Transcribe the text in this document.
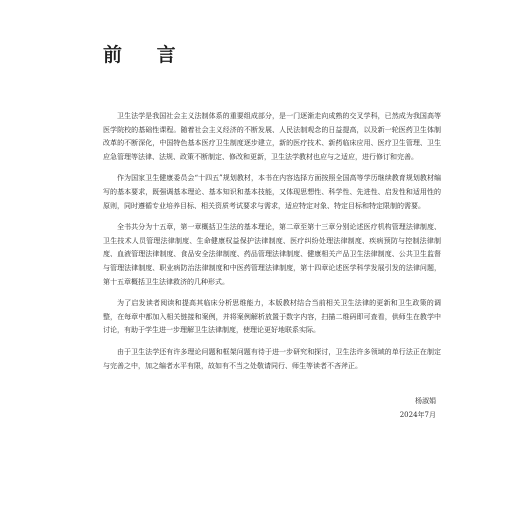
前 言

卫生法学是我国社会主义法制体系的重要组成部分，是一门逐渐走向成熟的交叉学科，已然成为我国高等医学院校的基础性课程。随着社会主义经济的不断发展、人民法制观念的日益提高，以及新一轮医药卫生体制改革的不断深化，中国特色基本医疗卫生制度逐步建立，新的医疗技术、新药临床应用、医疗卫生管理、卫生应急管理等法律、法规、政策不断制定、修改和更新，卫生法学教材也应与之适应，进行修订和完善。

作为国家卫生健康委员会“十四五”规划教材，本书在内容选择方面按照全国高等学历继续教育规划教材编写的基本要求，既强调基本理论、基本知识和基本技能，又体现思想性、科学性、先进性、启发性和适用性的原则，同时遵循专业培养目标、相关资质考试要求与需求，适应特定对象、特定目标和特定限制的需要。

全书共分为十五章，第一章概括卫生法的基本理论，第二章至第十三章分别论述医疗机构管理法律制度、卫生技术人员管理法律制度、生命健康权益保护法律制度、医疗纠纷处理法律制度、疾病预防与控制法律制度、血液管理法律制度、食品安全法律制度、药品管理法律制度、健康相关产品卫生法律制度、公共卫生监督与管理法律制度、职业病防治法律制度和中医药管理法律制度，第十四章论述医学科学发展引发的法律问题，第十五章概括卫生法律救济的几种形式。

为了启发读者阅读和提高其临床分析思维能力，本版教材结合当前相关卫生法律的更新和卫生政策的调整，在每章中都加入相关链接和案例，并将案例解析放置于数字内容，扫描二维码即可查看，供师生在教学中讨论，有助于学生进一步理解卫生法律制度，使理论更好地联系实际。

由于卫生法学还有许多理论问题和框架问题有待于进一步研究和探讨，卫生法许多领域的单行法正在制定与完善之中，加之编者水平有限，故如有不当之处敬请同行、师生等读者不吝斧正。

杨淑娟
2024年7月
